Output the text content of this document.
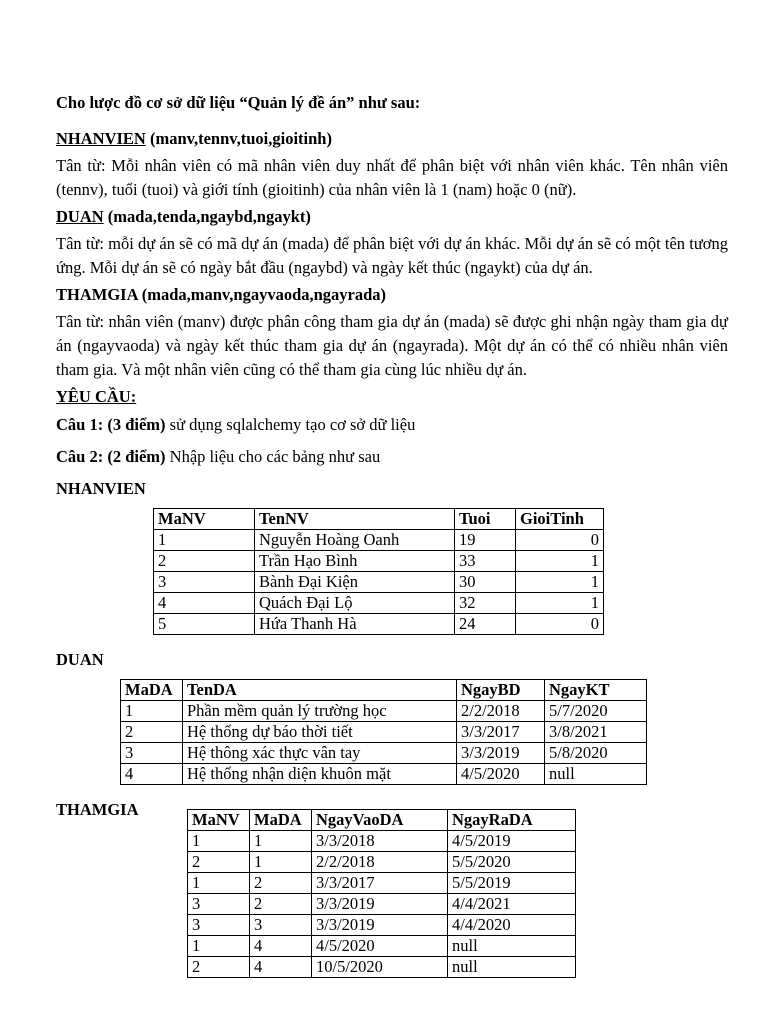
Cho lược đồ cơ sở dữ liệu “Quản lý đề án” như sau:

NHANVIEN (manv,tennv,tuoi,gioitinh)

Tân từ: Mỗi nhân viên có mã nhân viên duy nhất để phân biệt với nhân viên khác. Tên nhân viên (tennv), tuổi (tuoi) và giới tính (gioitinh) của nhân viên là 1 (nam) hoặc 0 (nữ).

DUAN (mada,tenda,ngaybd,ngaykt)

Tân từ: mỗi dự án sẽ có mã dự án (mada) để phân biệt với dự án khác. Mỗi dự án sẽ có một tên tương ứng. Mỗi dự án sẽ có ngày bắt đầu (ngaybd) và ngày kết thúc (ngaykt) của dự án.

THAMGIA (mada,manv,ngayvaoda,ngayrada)

Tân từ: nhân viên (manv) được phân công tham gia dự án (mada) sẽ được ghi nhận ngày tham gia dự án (ngayvaoda) và ngày kết thúc tham gia dự án (ngayrada). Một dự án có thể có nhiều nhân viên tham gia. Và một nhân viên cũng có thể tham gia cùng lúc nhiều dự án.

YÊU CẦU:

Câu 1: (3 điểm) sử dụng sqlalchemy tạo cơ sở dữ liệu

Câu 2: (2 điểm) Nhập liệu cho các bảng như sau

NHANVIEN

MaNV	TenNV	Tuoi	GioiTinh
1	Nguyễn Hoàng Oanh	19	0
2	Trần Hạo Bình	33	1
3	Bành Đại Kiện	30	1
4	Quách Đại Lộ	32	1
5	Hứa Thanh Hà	24	0

DUAN

MaDA	TenDA	NgayBD	NgayKT
1	Phần mềm quản lý trường học	2/2/2018	5/7/2020
2	Hệ thống dự báo thời tiết	3/3/2017	3/8/2021
3	Hệ thông xác thực vân tay	3/3/2019	5/8/2020
4	Hệ thống nhận diện khuôn mặt	4/5/2020	null

THAMGIA

MaNV	MaDA	NgayVaoDA	NgayRaDA
1	1	3/3/2018	4/5/2019
2	1	2/2/2018	5/5/2020
1	2	3/3/2017	5/5/2019
3	2	3/3/2019	4/4/2021
3	3	3/3/2019	4/4/2020
1	4	4/5/2020	null
2	4	10/5/2020	null
